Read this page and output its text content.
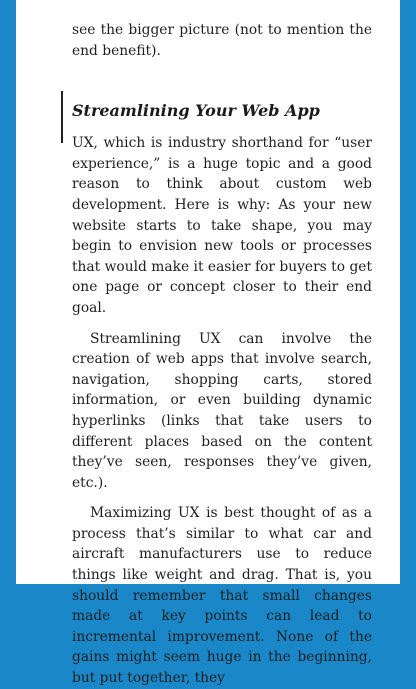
see the bigger picture (not to mention the end benefit).

Streamlining Your Web App

UX, which is industry shorthand for “user experience,” is a huge topic and a good reason to think about custom web development. Here is why: As your new website starts to take shape, you may begin to envision new tools or processes that would make it easier for buyers to get one page or concept closer to their end goal.

Streamlining UX can involve the creation of web apps that involve search, navigation, shopping carts, stored information, or even building dynamic hyperlinks (links that take users to different places based on the content they’ve seen, responses they’ve given, etc.).

Maximizing UX is best thought of as a process that’s similar to what car and aircraft manufacturers use to reduce things like weight and drag. That is, you should remember that small changes made at key points can lead to incremental improvement. None of the gains might seem huge in the beginning, but put together, they
